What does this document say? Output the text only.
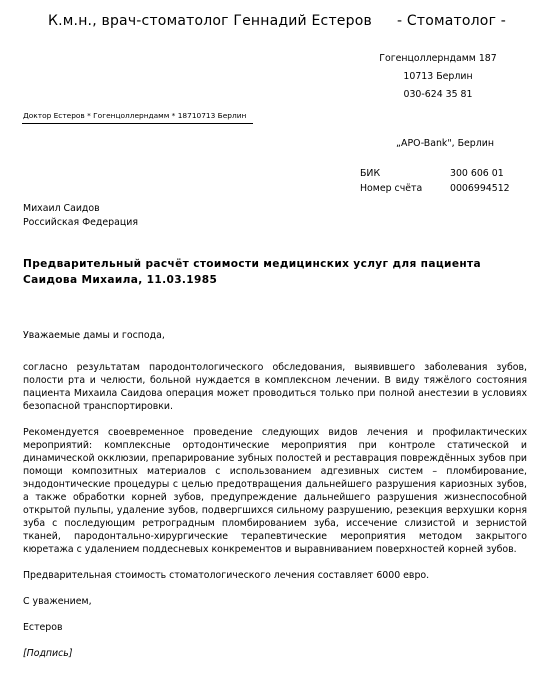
К.м.н., врач-стоматолог Геннадий Естеров - Стоматолог -
Гогенцоллерндамм 187
10713 Берлин
030-624 35 81
Доктор Естеров * Гогенцоллерндамм * 18710713 Берлин
„APO-Bank", Берлин
БИК	300 606 01
Номер счёта	0006994512
Михаил Саидов
Российская Федерация
Предварительный расчёт стоимости медицинских услуг для пациента Саидова Михаила, 11.03.1985

Уважаемые дамы и господа,

согласно результатам пародонтологического обследования, выявившего заболевания зубов, полости рта и челюсти, больной нуждается в комплексном лечении. В виду тяжёлого состояния пациента Михаила Саидова операция может проводиться только при полной анестезии в условиях безопасной транспортировки.

Рекомендуется своевременное проведение следующих видов лечения и профилактических мероприятий: комплексные ортодонтические мероприятия при контроле статической и динамической окклюзии, препарирование зубных полостей и реставрация повреждённых зубов при помощи композитных материалов с использованием адгезивных систем – пломбирование, эндодонтические процедуры с целью предотвращения дальнейшего разрушения кариозных зубов, а также обработки корней зубов, предупреждение дальнейшего разрушения жизнеспособной открытой пульпы, удаление зубов, подвергшихся сильному разрушению, резекция верхушки корня зуба с последующим ретроградным пломбированием зуба, иссечение слизистой и зернистой тканей, пародонтально-хирургические терапевтические мероприятия методом закрытого кюретажа с удалением поддесневых конкрементов и выравниванием поверхностей корней зубов.

Предварительная стоимость стоматологического лечения составляет 6000 евро.

С уважением,

Естеров

[Подпись]
